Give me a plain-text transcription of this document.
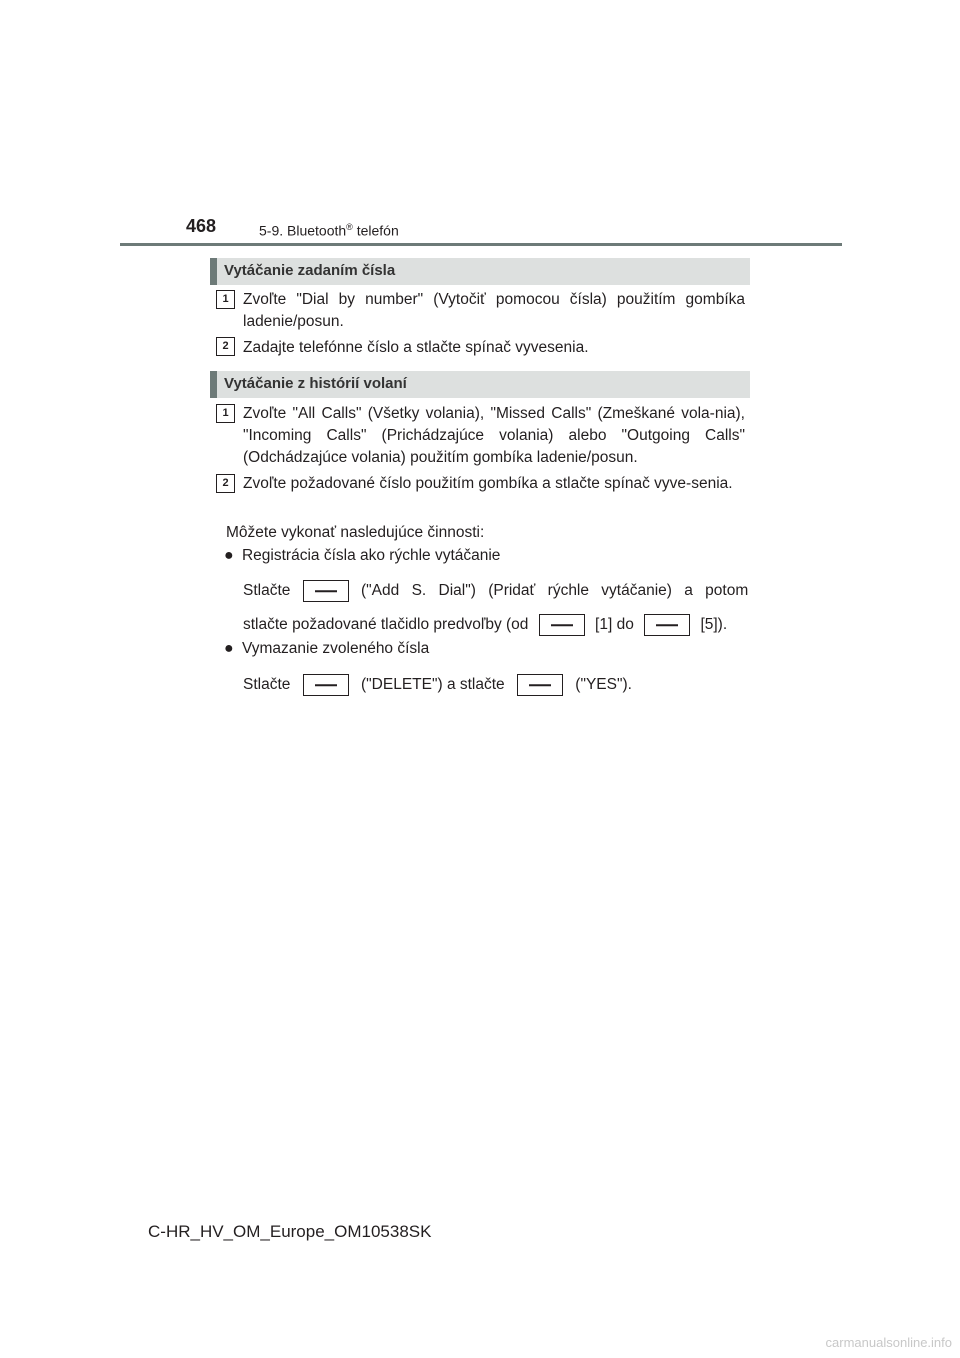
468	5-9. Bluetooth® telefón
Vytáčanie zadaním čísla
1 Zvoľte "Dial by number" (Vytočiť pomocou čísla) použitím gombíka ladenie/posun.
2 Zadajte telefónne číslo a stlačte spínač vyvesenia.
Vytáčanie z histórií volaní
1 Zvoľte "All Calls" (Všetky volania), "Missed Calls" (Zmeškané vola-nia), "Incoming Calls" (Prichádzajúce volania) alebo "Outgoing Calls" (Odchádzajúce volania) použitím gombíka ladenie/posun.
2 Zvoľte požadované číslo použitím gombíka a stlačte spínač vyve-senia.
Môžete vykonať nasledujúce činnosti:
● Registrácia čísla ako rýchle vytáčanie
Stlačte	("Add S. Dial") (Pridať rýchle vytáčanie) a potom
stlačte požadované tlačidlo predvoľby (od	[1] do	[5]).
● Vymazanie zvoleného čísla
Stlačte	("DELETE") a stlačte	("YES").
C-HR_HV_OM_Europe_OM10538SK
carmanualsonline.info
